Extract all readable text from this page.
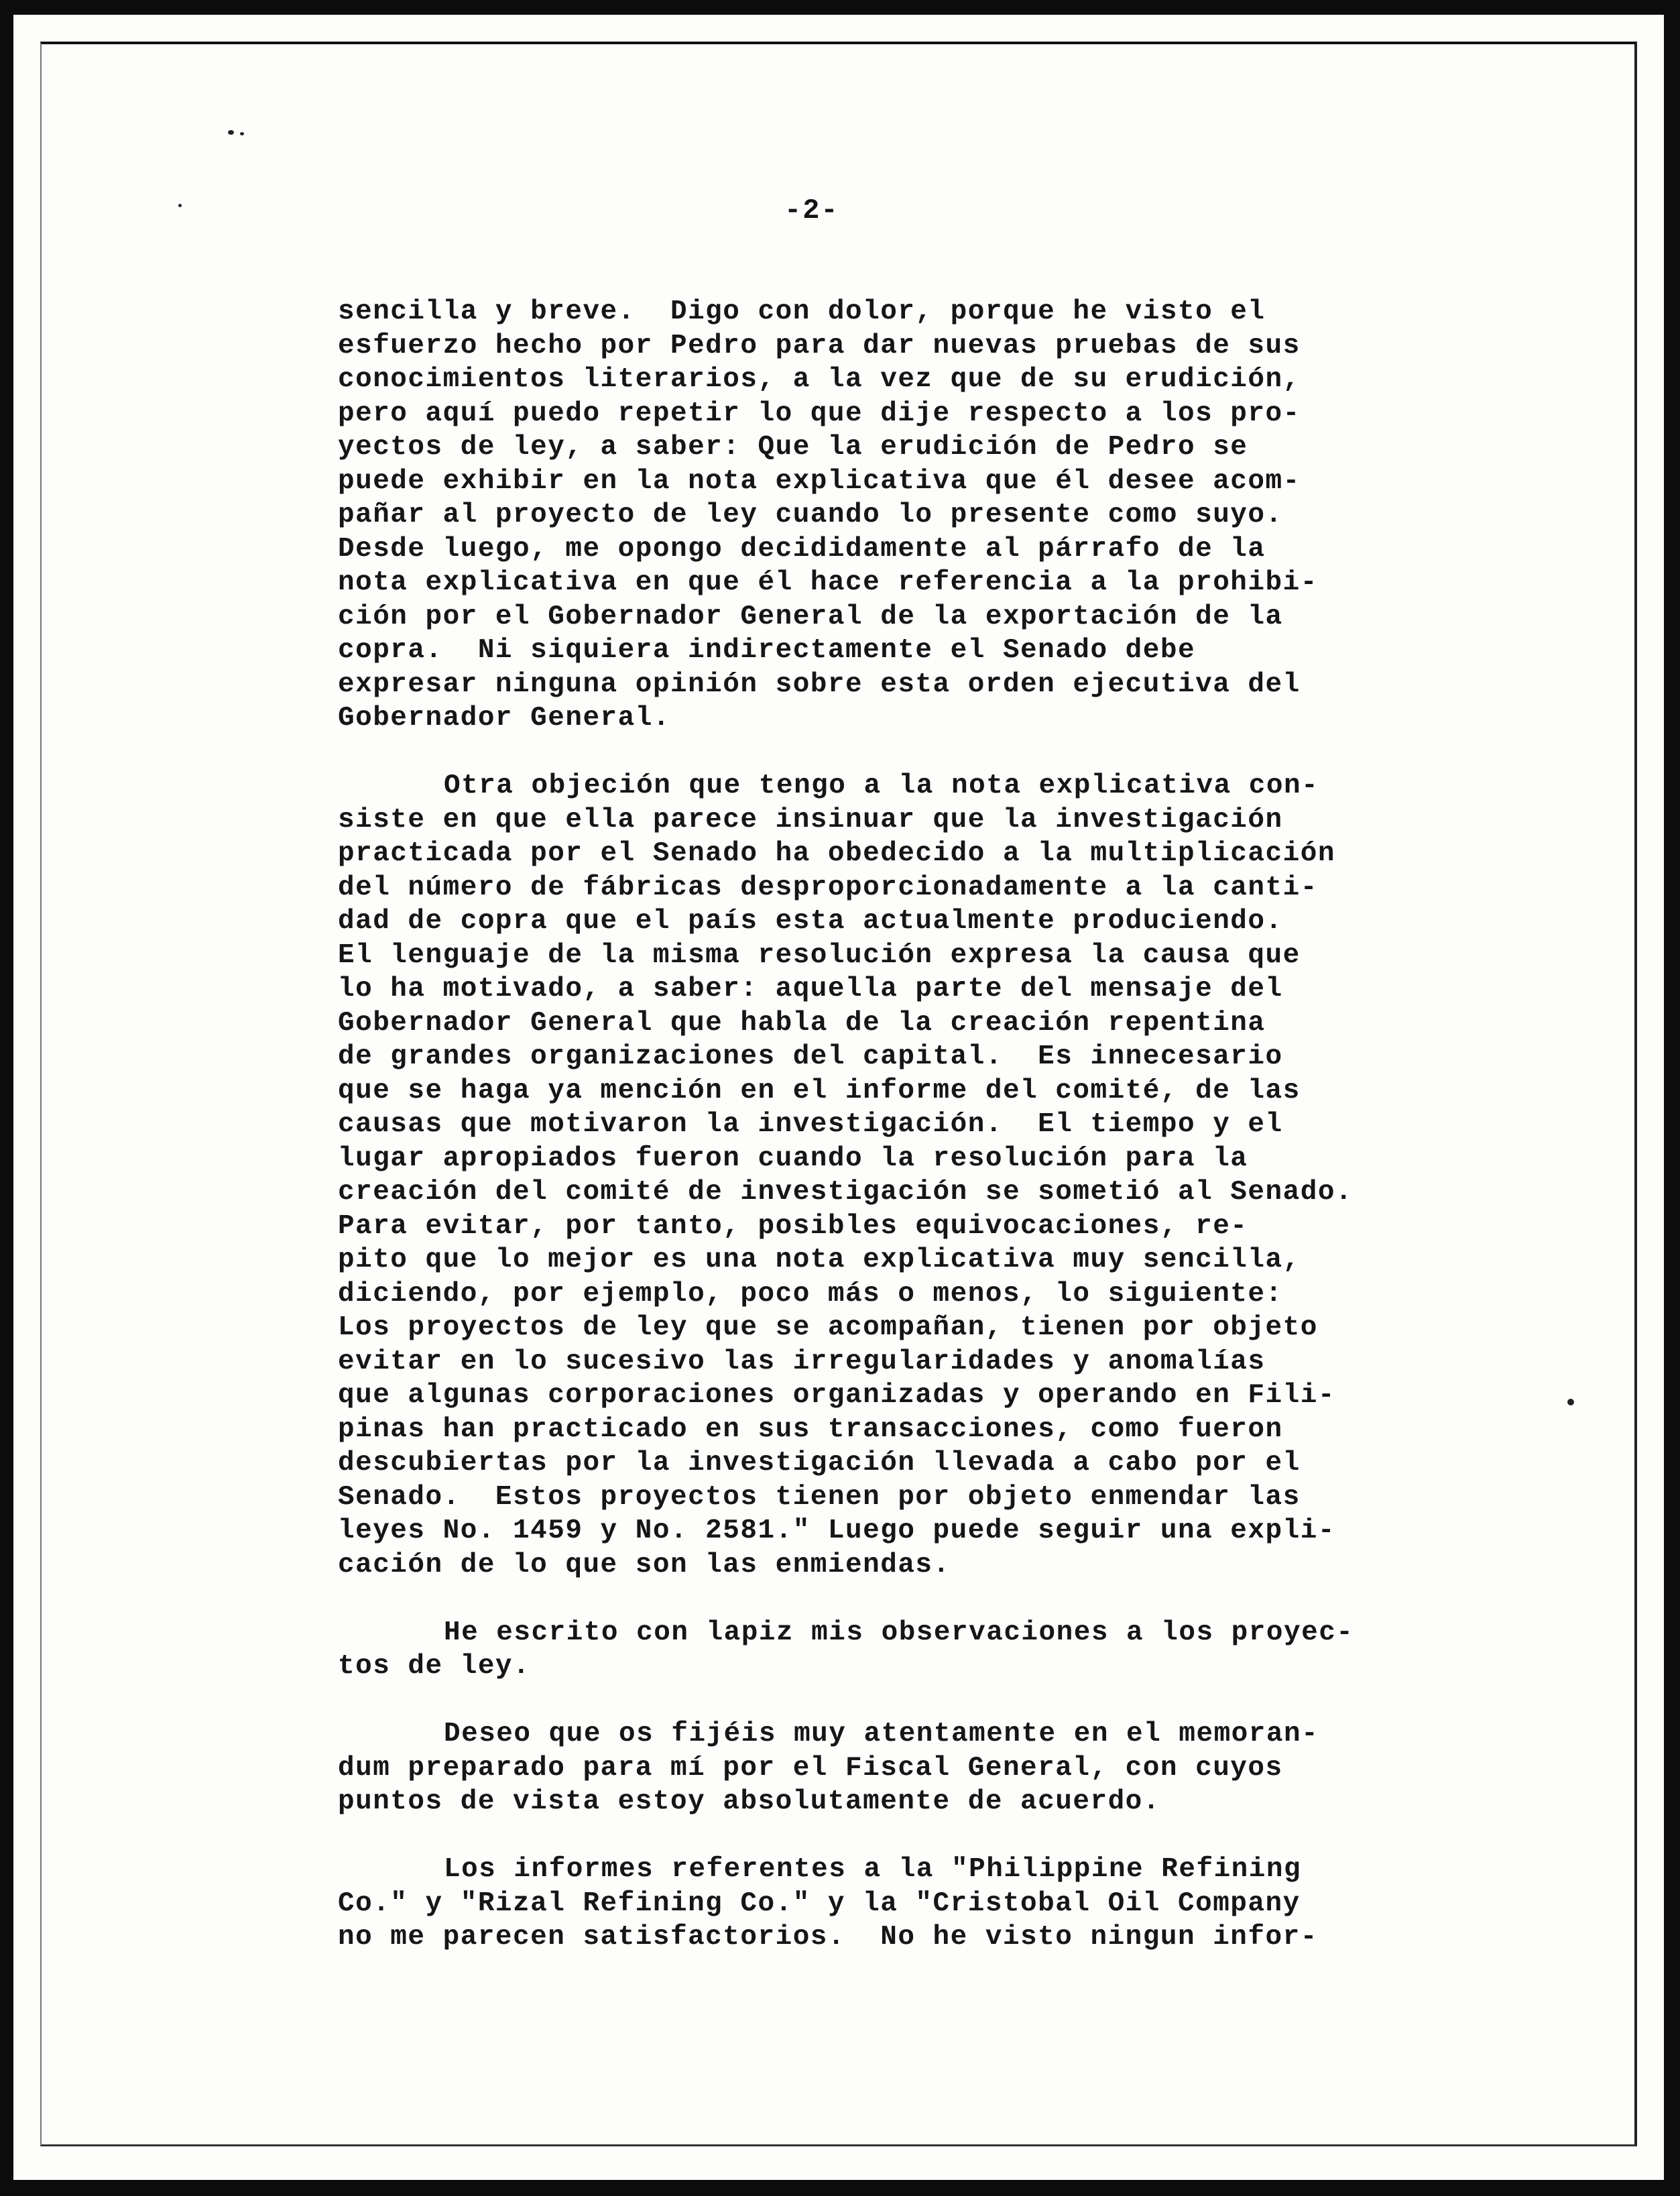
-2-
sencilla y breve.  Digo con dolor, porque he visto el
esfuerzo hecho por Pedro para dar nuevas pruebas de sus
conocimientos literarios, a la vez que de su erudición,
pero aquí puedo repetir lo que dije respecto a los pro-
yectos de ley, a saber: Que la erudición de Pedro se
puede exhibir en la nota explicativa que él desee acom-
pañar al proyecto de ley cuando lo presente como suyo.
Desde luego, me opongo decididamente al párrafo de la
nota explicativa en que él hace referencia a la prohibi-
ción por el Gobernador General de la exportación de la
copra.  Ni siquiera indirectamente el Senado debe
expresar ninguna opinión sobre esta orden ejecutiva del
Gobernador General.
Otra objeción que tengo a la nota explicativa con-
siste en que ella parece insinuar que la investigación
practicada por el Senado ha obedecido a la multiplicación
del número de fábricas desproporcionadamente a la canti-
dad de copra que el país esta actualmente produciendo.
El lenguaje de la misma resolución expresa la causa que
lo ha motivado, a saber: aquella parte del mensaje del
Gobernador General que habla de la creación repentina
de grandes organizaciones del capital.  Es innecesario
que se haga ya mención en el informe del comité, de las
causas que motivaron la investigación.  El tiempo y el
lugar apropiados fueron cuando la resolución para la
creación del comité de investigación se sometió al Senado.
Para evitar, por tanto, posibles equivocaciones, re-
pito que lo mejor es una nota explicativa muy sencilla,
diciendo, por ejemplo, poco más o menos, lo siguiente:
Los proyectos de ley que se acompañan, tienen por objeto
evitar en lo sucesivo las irregularidades y anomalías
que algunas corporaciones organizadas y operando en Fili-
pinas han practicado en sus transacciones, como fueron
descubiertas por la investigación llevada a cabo por el
Senado.  Estos proyectos tienen por objeto enmendar las
leyes No. 1459 y No. 2581." Luego puede seguir una expli-
cación de lo que son las enmiendas.
He escrito con lapiz mis observaciones a los proyec-
tos de ley.
Deseo que os fijéis muy atentamente en el memoran-
dum preparado para mí por el Fiscal General, con cuyos
puntos de vista estoy absolutamente de acuerdo.
Los informes referentes a la "Philippine Refining
Co." y "Rizal Refining Co." y la "Cristobal Oil Company
no me parecen satisfactorios.  No he visto ningun infor-
